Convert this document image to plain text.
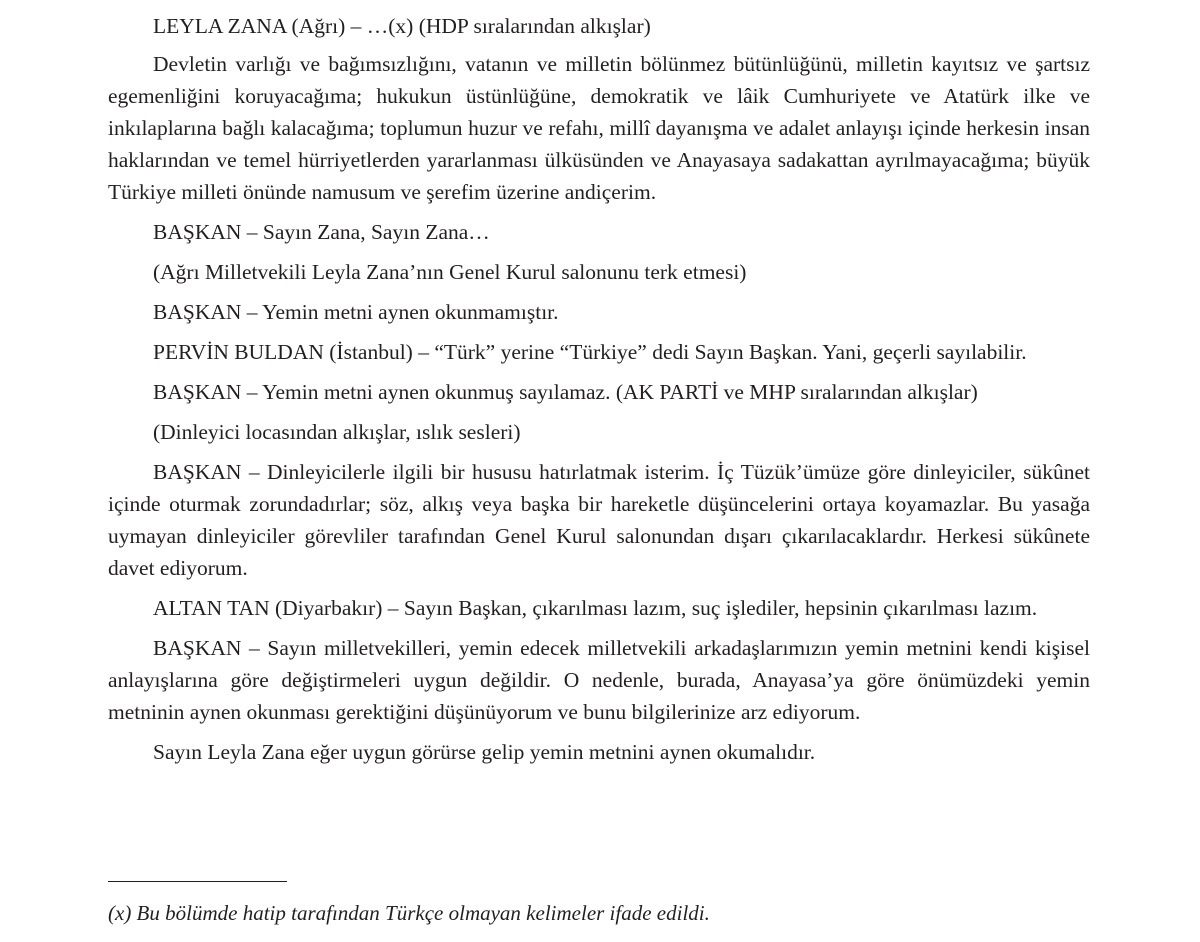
LEYLA ZANA (Ağrı) – …(x) (HDP sıralarından alkışlar)

Devletin varlığı ve bağımsızlığını, vatanın ve milletin bölünmez bütünlüğünü, milletin kayıtsız ve şartsız egemenliğini koruyacağıma; hukukun üstünlüğüne, demokratik ve lâik Cumhuriyete ve Atatürk ilke ve inkılaplarına bağlı kalacağıma; toplumun huzur ve refahı, millî dayanışma ve adalet anlayışı içinde herkesin insan haklarından ve temel hürriyetlerden yararlanması ülküsünden ve Anayasaya sadakattan ayrılmayacağıma; büyük Türkiye milleti önünde namusum ve şerefim üzerine andiçerim.

BAŞKAN – Sayın Zana, Sayın Zana…

(Ağrı Milletvekili Leyla Zana’nın Genel Kurul salonunu terk etmesi)

BAŞKAN – Yemin metni aynen okunmamıştır.

PERVİN BULDAN (İstanbul) – “Türk” yerine “Türkiye” dedi Sayın Başkan. Yani, geçerli sayılabilir.

BAŞKAN – Yemin metni aynen okunmuş sayılamaz. (AK PARTİ ve MHP sıralarından alkışlar)

(Dinleyici locasından alkışlar, ıslık sesleri)

BAŞKAN – Dinleyicilerle ilgili bir hususu hatırlatmak isterim. İç Tüzük’ümüze göre dinleyiciler, sükûnet içinde oturmak zorundadırlar; söz, alkış veya başka bir hareketle düşüncelerini ortaya koyamazlar. Bu yasağa uymayan dinleyiciler görevliler tarafından Genel Kurul salonundan dışarı çıkarılacaklardır. Herkesi sükûnete davet ediyorum.

ALTAN TAN (Diyarbakır) – Sayın Başkan, çıkarılması lazım, suç işlediler, hepsinin çıkarılması lazım.

BAŞKAN – Sayın milletvekilleri, yemin edecek milletvekili arkadaşlarımızın yemin metnini kendi kişisel anlayışlarına göre değiştirmeleri uygun değildir. O nedenle, burada, Anayasa’ya göre önümüzdeki yemin metninin aynen okunması gerektiğini düşünüyorum ve bunu bilgilerinize arz ediyorum.

Sayın Leyla Zana eğer uygun görürse gelip yemin metnini aynen okumalıdır.

(x) Bu bölümde hatip tarafından Türkçe olmayan kelimeler ifade edildi.
